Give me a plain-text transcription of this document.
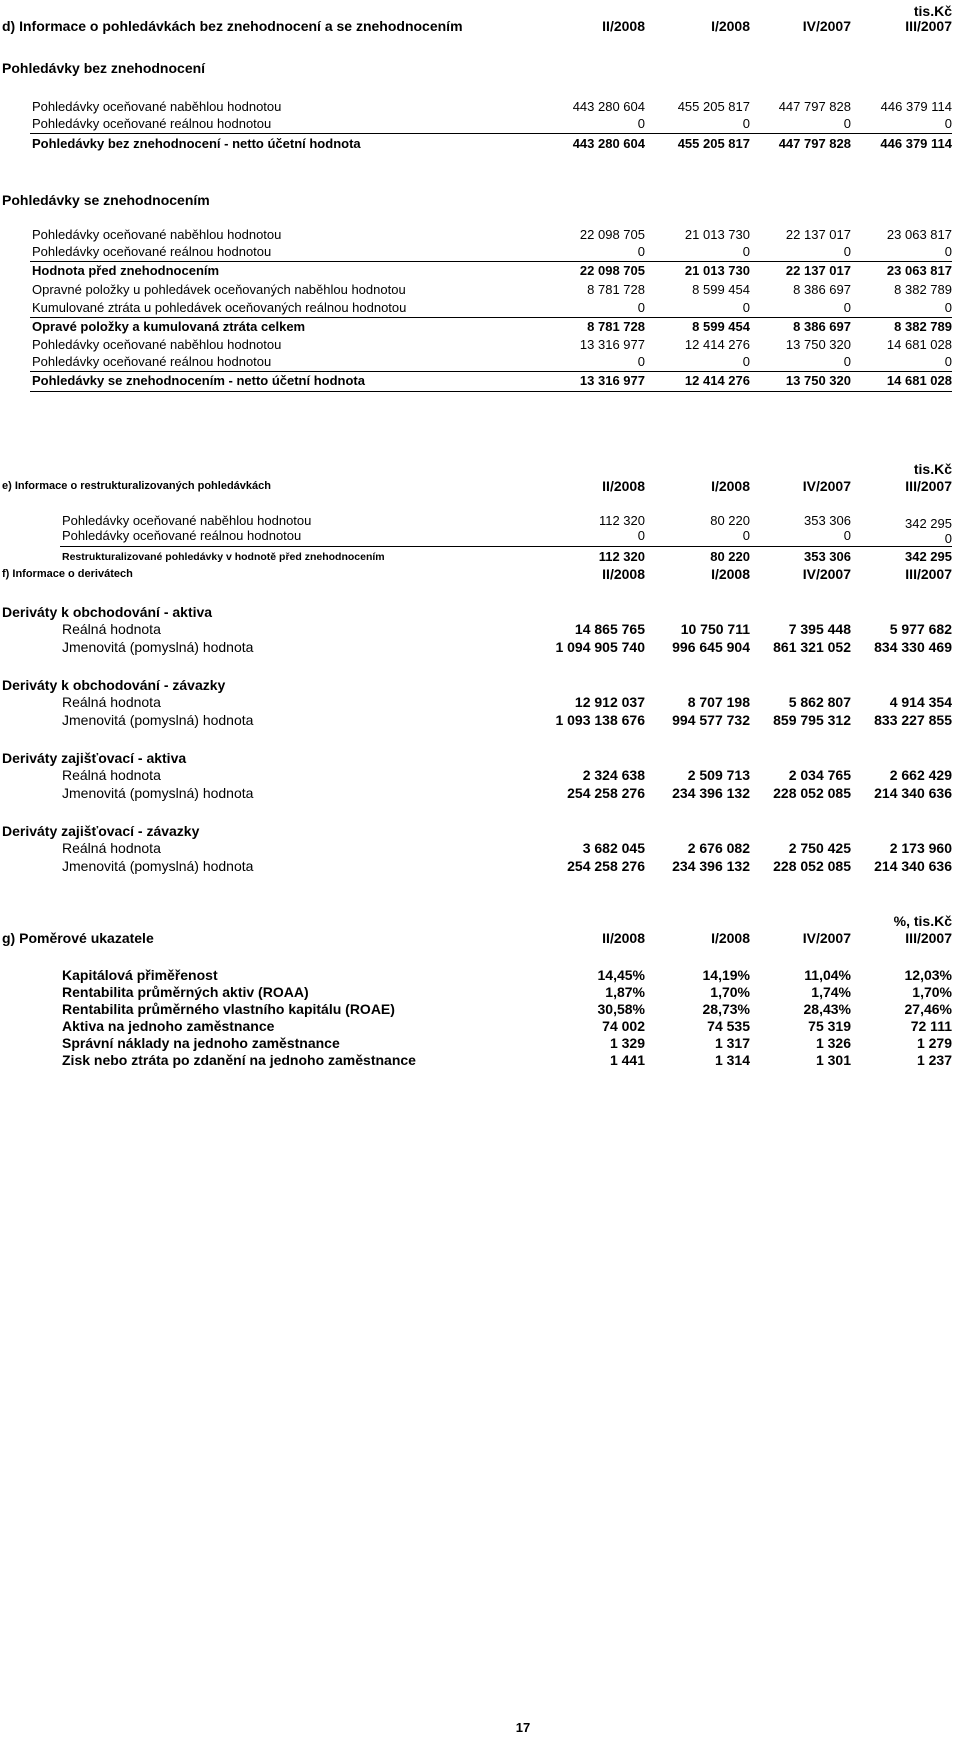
tis.Kč
d) Informace o pohledávkách bez znehodnocení a se znehodnocením	II/2008	I/2008	IV/2007	III/2007
Pohledávky bez znehodnocení
Pohledávky oceňované naběhlou hodnotou	443 280 604	455 205 817	447 797 828	446 379 114
Pohledávky oceňované reálnou hodnotou	0	0	0	0
Pohledávky bez znehodnocení - netto účetní hodnota	443 280 604	455 205 817	447 797 828	446 379 114
Pohledávky se znehodnocením
Pohledávky oceňované naběhlou hodnotou	22 098 705	21 013 730	22 137 017	23 063 817
Pohledávky oceňované reálnou hodnotou	0	0	0	0
Hodnota před znehodnocením	22 098 705	21 013 730	22 137 017	23 063 817
Opravné položky u pohledávek oceňovaných naběhlou hodnotou	8 781 728	8 599 454	8 386 697	8 382 789
Kumulované ztráta u pohledávek oceňovaných reálnou hodnotou	0	0	0	0
Opravé položky a kumulovaná ztráta celkem	8 781 728	8 599 454	8 386 697	8 382 789
Pohledávky oceňované naběhlou hodnotou	13 316 977	12 414 276	13 750 320	14 681 028
Pohledávky oceňované reálnou hodnotou	0	0	0	0
Pohledávky se znehodnocením - netto účetní hodnota	13 316 977	12 414 276	13 750 320	14 681 028
tis.Kč
e) Informace o restrukturalizovaných pohledávkách	II/2008	I/2008	IV/2007	III/2007
Pohledávky oceňované naběhlou hodnotou	112 320	80 220	353 306	342 295
Pohledávky oceňované reálnou hodnotou	0	0	0	0
Restrukturalizované pohledávky v hodnotě před znehodnocením	112 320	80 220	353 306	342 295
f) Informace o derivátech	II/2008	I/2008	IV/2007	III/2007
Deriváty k obchodování - aktiva
Reálná hodnota	14 865 765	10 750 711	7 395 448	5 977 682
Jmenovitá (pomyslná) hodnota	1 094 905 740	996 645 904	861 321 052	834 330 469
Deriváty k obchodování - závazky
Reálná hodnota	12 912 037	8 707 198	5 862 807	4 914 354
Jmenovitá (pomyslná) hodnota	1 093 138 676	994 577 732	859 795 312	833 227 855
Deriváty zajišťovací - aktiva
Reálná hodnota	2 324 638	2 509 713	2 034 765	2 662 429
Jmenovitá (pomyslná) hodnota	254 258 276	234 396 132	228 052 085	214 340 636
Deriváty zajišťovací - závazky
Reálná hodnota	3 682 045	2 676 082	2 750 425	2 173 960
Jmenovitá (pomyslná) hodnota	254 258 276	234 396 132	228 052 085	214 340 636
%, tis.Kč
g) Poměrové ukazatele	II/2008	I/2008	IV/2007	III/2007
Kapitálová přiměřenost	14,45%	14,19%	11,04%	12,03%
Rentabilita průměrných aktiv (ROAA)	1,87%	1,70%	1,74%	1,70%
Rentabilita průměrného vlastního kapitálu (ROAE)	30,58%	28,73%	28,43%	27,46%
Aktiva na jednoho zaměstnance	74 002	74 535	75 319	72 111
Správní náklady na jednoho zaměstnance	1 329	1 317	1 326	1 279
Zisk nebo ztráta po zdanění na jednoho zaměstnance	1 441	1 314	1 301	1 237
17
